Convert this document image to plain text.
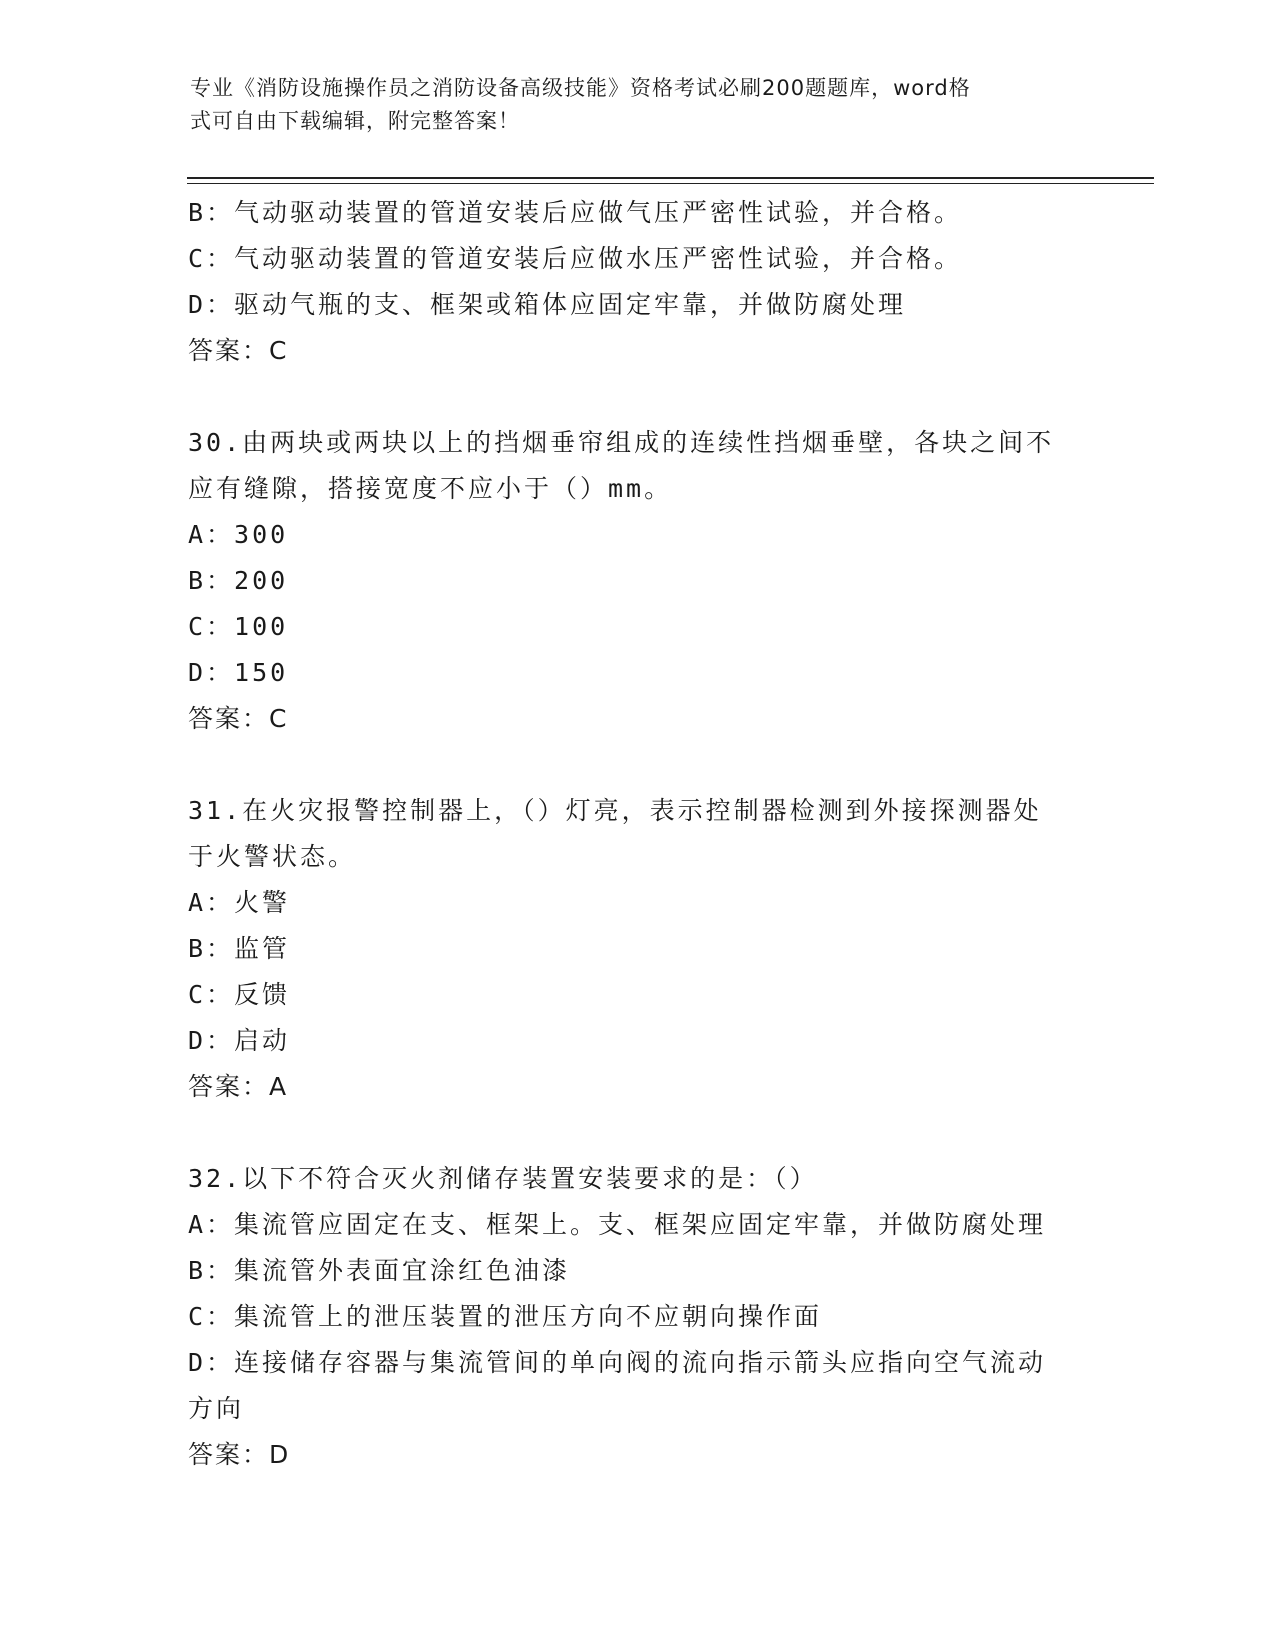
专业《消防设施操作员之消防设备高级技能》资格考试必刷200题题库，word格
式可自由下载编辑，附完整答案！
B：气动驱动装置的管道安装后应做气压严密性试验，并合格。
C：气动驱动装置的管道安装后应做水压严密性试验，并合格。
D：驱动气瓶的支、框架或箱体应固定牢靠，并做防腐处理
答案：C
30.由两块或两块以上的挡烟垂帘组成的连续性挡烟垂壁，各块之间不
应有缝隙，搭接宽度不应小于（）mm。
A：300
B：200
C：100
D：150
答案：C
31.在火灾报警控制器上，（）灯亮，表示控制器检测到外接探测器处
于火警状态。
A：火警
B：监管
C：反馈
D：启动
答案：A
32.以下不符合灭火剂储存装置安装要求的是：（）
A：集流管应固定在支、框架上。支、框架应固定牢靠，并做防腐处理
B：集流管外表面宜涂红色油漆
C：集流管上的泄压装置的泄压方向不应朝向操作面
D：连接储存容器与集流管间的单向阀的流向指示箭头应指向空气流动
方向
答案：D
